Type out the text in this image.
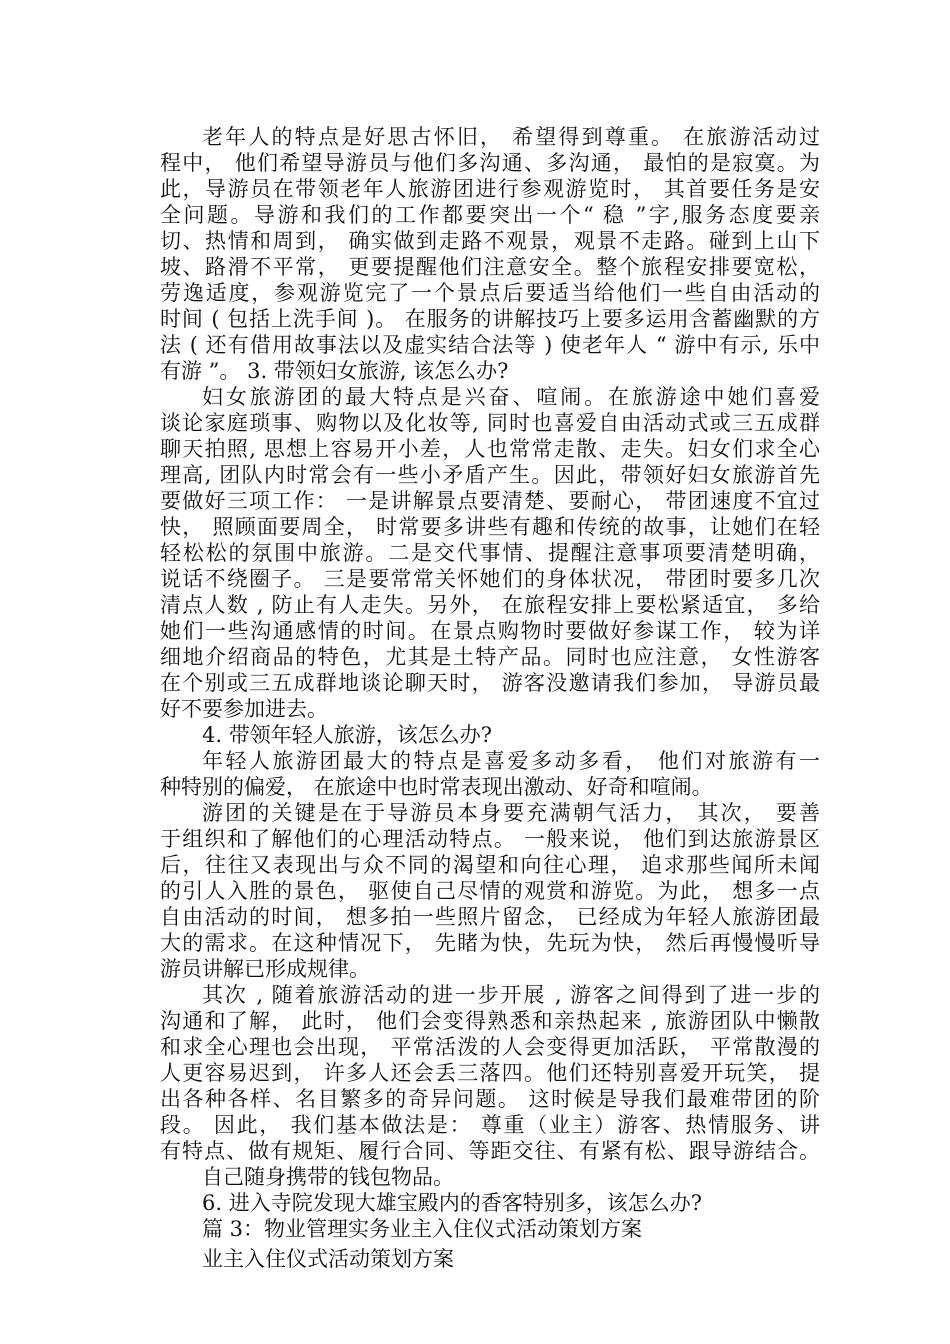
老年人的特点是好思古怀旧， 希望得到尊重。 在旅游活动过
程中， 他们希望导游员与他们多沟通、多沟通， 最怕的是寂寞。为
此，导游员在带领老年人旅游团进行参观游览时， 其首要任务是安
全问题。导游和我们的工作都要突出一个“ 稳 ”字,服务态度要亲
切、热情和周到， 确实做到走路不观景，观景不走路。碰到上山下
坡、路滑不平常， 更要提醒他们注意安全。整个旅程安排要宽松，
劳逸适度，参观游览完了一个景点后要适当给他们一些自由活动的
时间 ( 包括上洗手间 )。 在服务的讲解技巧上要多运用含蓄幽默的方
法 ( 还有借用故事法以及虚实结合法等 ) 使老年人 “ 游中有示, 乐中
有游 ”。 3. 带领妇女旅游, 该怎么办?
妇女旅游团的最大特点是兴奋、喧闹。在旅游途中她们喜爱
谈论家庭琐事、购物以及化妆等, 同时也喜爱自由活动式或三五成群
聊天拍照, 思想上容易开小差，人也常常走散、走失。妇女们求全心
理高, 团队内时常会有一些小矛盾产生。因此，带领好妇女旅游首先
要做好三项工作： 一是讲解景点要清楚、要耐心， 带团速度不宜过
快， 照顾面要周全， 时常要多讲些有趣和传统的故事，让她们在轻
轻松松的氛围中旅游。二是交代事情、提醒注意事项要清楚明确，
说话不绕圈子。 三是要常常关怀她们的身体状况， 带团时要多几次
清点人数 , 防止有人走失。另外， 在旅程安排上要松紧适宜， 多给
她们一些沟通感情的时间。在景点购物时要做好参谋工作， 较为详
细地介绍商品的特色，尤其是土特产品。同时也应注意， 女性游客
在个别或三五成群地谈论聊天时， 游客没邀请我们参加， 导游员最
好不要参加进去。
4. 带领年轻人旅游，该怎么办?
年轻人旅游团最大的特点是喜爱多动多看， 他们对旅游有一
种特别的偏爱， 在旅途中也时常表现出激动、好奇和喧闹。
游团的关键是在于导游员本身要充满朝气活力， 其次， 要善
于组织和了解他们的心理活动特点。 一般来说， 他们到达旅游景区
后，往往又表现出与众不同的渴望和向往心理， 追求那些闻所未闻
的引人入胜的景色， 驱使自己尽情的观赏和游览。为此， 想多一点
自由活动的时间， 想多拍一些照片留念， 已经成为年轻人旅游团最
大的需求。在这种情况下， 先睹为快，先玩为快， 然后再慢慢听导
游员讲解已形成规律。
其次 , 随着旅游活动的进一步开展 , 游客之间得到了进一步的
沟通和了解， 此时， 他们会变得熟悉和亲热起来 , 旅游团队中懒散
和求全心理也会出现， 平常活泼的人会变得更加活跃， 平常散漫的
人更容易迟到， 许多人还会丢三落四。他们还特别喜爱开玩笑， 提
出各种各样、名目繁多的奇异问题。 这时候是导我们最难带团的阶
段。 因此， 我们基本做法是： 尊重（业主）游客、热情服务、讲
有特点、做有规矩、履行合同、等距交往、有紧有松、跟导游结合。
自己随身携带的钱包物品。
6. 进入寺院发现大雄宝殿内的香客特别多，该怎么办?
篇 3：物业管理实务业主入住仪式活动策划方案
业主入住仪式活动策划方案
